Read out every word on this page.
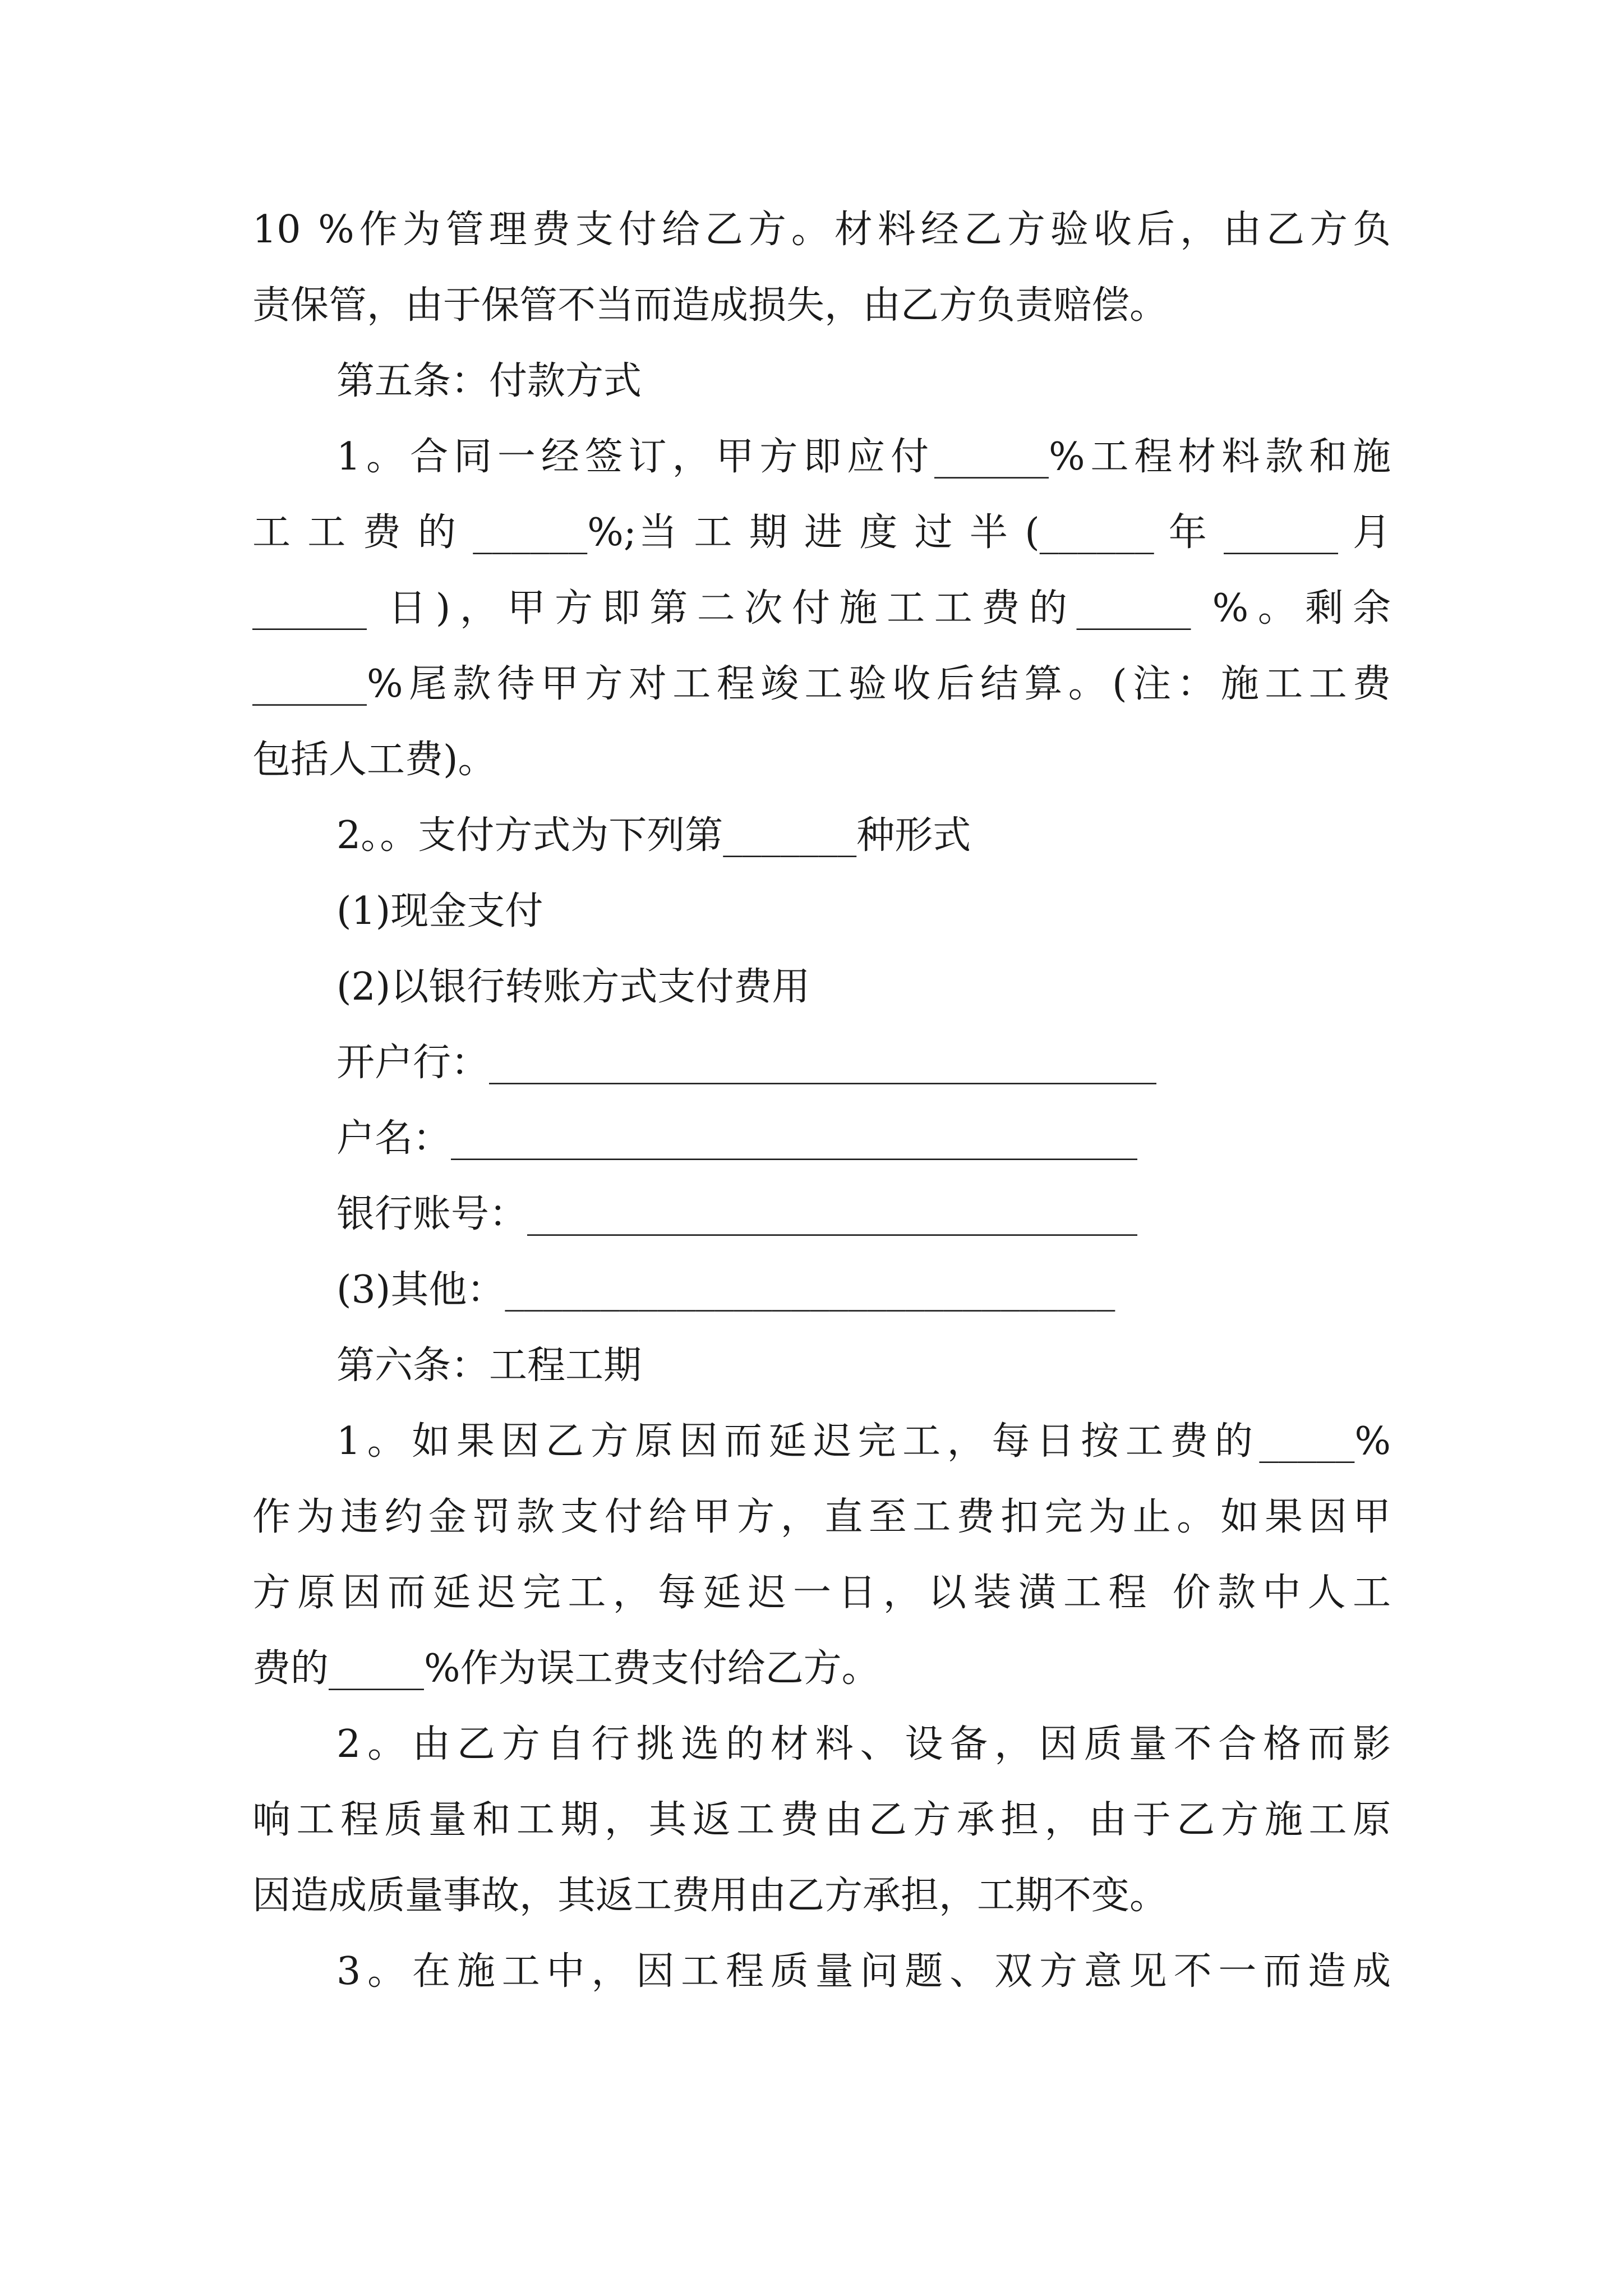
10 %作为管理费支付给乙方。材料经乙方验收后，由乙方负
责保管，由于保管不当而造成损失，由乙方负责赔偿。
第五条：付款方式
1。合同一经签订，甲方即应付______%工程材料款和施
工 工 费 的 ______%;当 工 期 进 度 过 半 (______ 年 ______ 月
______ 日)，甲方即第二次付施工工费的______ %。剩余
______%尾款待甲方对工程竣工验收后结算。(注：施工工费
包括人工费)。
2。。支付方式为下列第_______种形式
(1)现金支付
(2)以银行转账方式支付费用
开户行：___________________________________
户名：____________________________________
银行账号：________________________________
(3)其他：________________________________
第六条：工程工期
1。如果因乙方原因而延迟完工，每日按工费的_____%
作为违约金罚款支付给甲方，直至工费扣完为止。如果因甲
方原因而延迟完工，每延迟一日，以装潢工程 价款中人工
费的_____%作为误工费支付给乙方。
2。由乙方自行挑选的材料、设备，因质量不合格而影
响工程质量和工期，其返工费由乙方承担，由于乙方施工原
因造成质量事故，其返工费用由乙方承担，工期不变。
3。在施工中，因工程质量问题、双方意见不一而造成
